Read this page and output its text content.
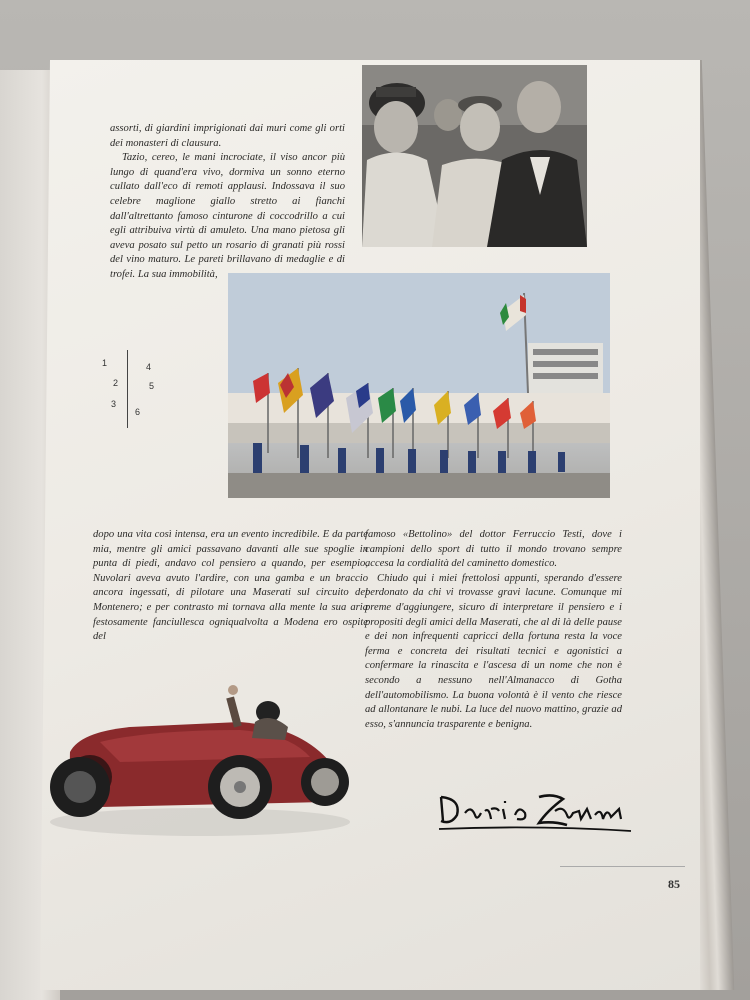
assorti, di giardini imprigionati dai muri come gli orti dei monasteri di clausura.

Tazio, cereo, le mani incrociate, il viso ancor più lungo di quand'era vivo, dormiva un sonno eterno cullato dall'eco di remoti applausi. Indossava il suo celebre maglione giallo stretto ai fianchi dall'altrettanto famoso cinturone di coccodrillo a cui egli attribuiva virtù di amuleto. Una mano pietosa gli aveva posato sul petto un rosario di granati più rossi del vino maturo. Le pareti brillavano di medaglie e di trofei. La sua immobilità,

1
2
3
4
5
6

dopo una vita così intensa, era un evento incredibile. E da parte mia, mentre gli amici passavano davanti alle sue spoglie in punta di piedi, andavo col pensiero a quando, per esempio, Nuvolari aveva avuto l'ardire, con una gamba e un braccio ancora ingessati, di pilotare una Maserati sul circuito del Montenero; e per contrasto mi tornava alla mente la sua aria festosamente fanciullesca ogniqualvolta a Modena ero ospite del

famoso «Bettolino» del dottor Ferruccio Testi, dove i campioni dello sport di tutto il mondo trovano sempre accesa la cordialità del caminetto domestico.

Chiudo qui i miei frettolosi appunti, sperando d'essere perdonato da chi vi trovasse gravi lacune. Comunque mi preme d'aggiungere, sicuro di interpretare il pensiero e i propositi degli amici della Maserati, che al di là delle pause e dei non infrequenti capricci della fortuna resta la voce ferma e concreta dei risultati tecnici e agonistici a confermare la rinascita e l'ascesa di un nome che non è secondo a nessuno nell'Almanacco di Gotha dell'automobilismo. La buona volontà è il vento che riesce ad allontanare le nubi. La luce del nuovo mattino, grazie ad esso, s'annuncia trasparente e benigna.

85
